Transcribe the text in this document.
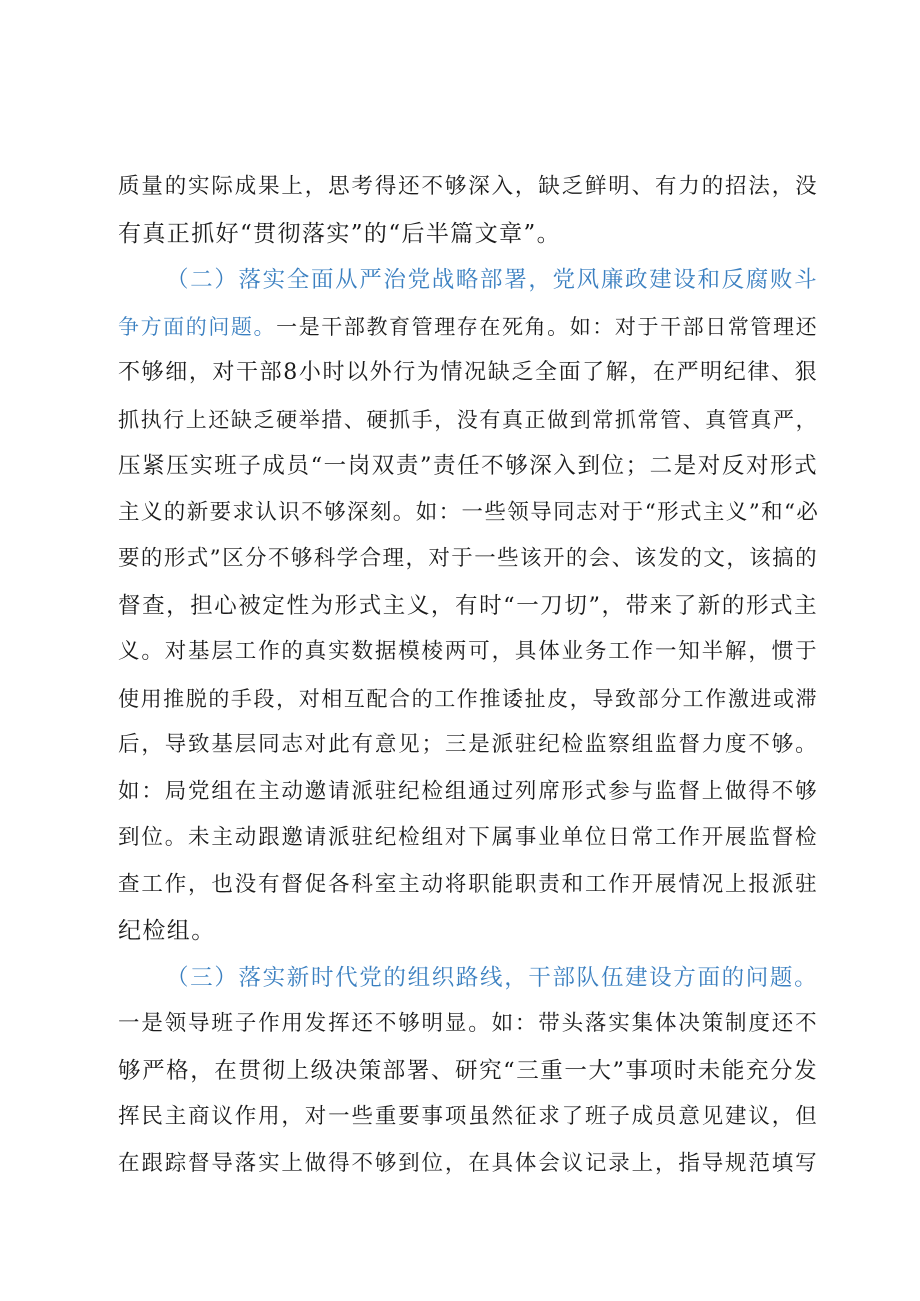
质量的实际成果上，思考得还不够深入，缺乏鲜明、有力的招法，没
有真正抓好“贯彻落实”的“后半篇文章”。
（二）落实全面从严治党战略部署，党风廉政建设和反腐败斗
争方面的问题。一是干部教育管理存在死角。如：对于干部日常管理还
不够细，对干部8小时以外行为情况缺乏全面了解，在严明纪律、狠
抓执行上还缺乏硬举措、硬抓手，没有真正做到常抓常管、真管真严，
压紧压实班子成员“一岗双责”责任不够深入到位；二是对反对形式
主义的新要求认识不够深刻。如：一些领导同志对于“形式主义”和“必
要的形式”区分不够科学合理，对于一些该开的会、该发的文，该搞的
督查，担心被定性为形式主义，有时“一刀切”，带来了新的形式主
义。对基层工作的真实数据模棱两可，具体业务工作一知半解，惯于
使用推脱的手段，对相互配合的工作推诿扯皮，导致部分工作激进或滞
后，导致基层同志对此有意见；三是派驻纪检监察组监督力度不够。
如：局党组在主动邀请派驻纪检组通过列席形式参与监督上做得不够
到位。未主动跟邀请派驻纪检组对下属事业单位日常工作开展监督检
查工作，也没有督促各科室主动将职能职责和工作开展情况上报派驻
纪检组。
（三）落实新时代党的组织路线，干部队伍建设方面的问题。
一是领导班子作用发挥还不够明显。如：带头落实集体决策制度还不
够严格，在贯彻上级决策部署、研究“三重一大”事项时未能充分发
挥民主商议作用，对一些重要事项虽然征求了班子成员意见建议，但
在跟踪督导落实上做得不够到位，在具体会议记录上，指导规范填写
